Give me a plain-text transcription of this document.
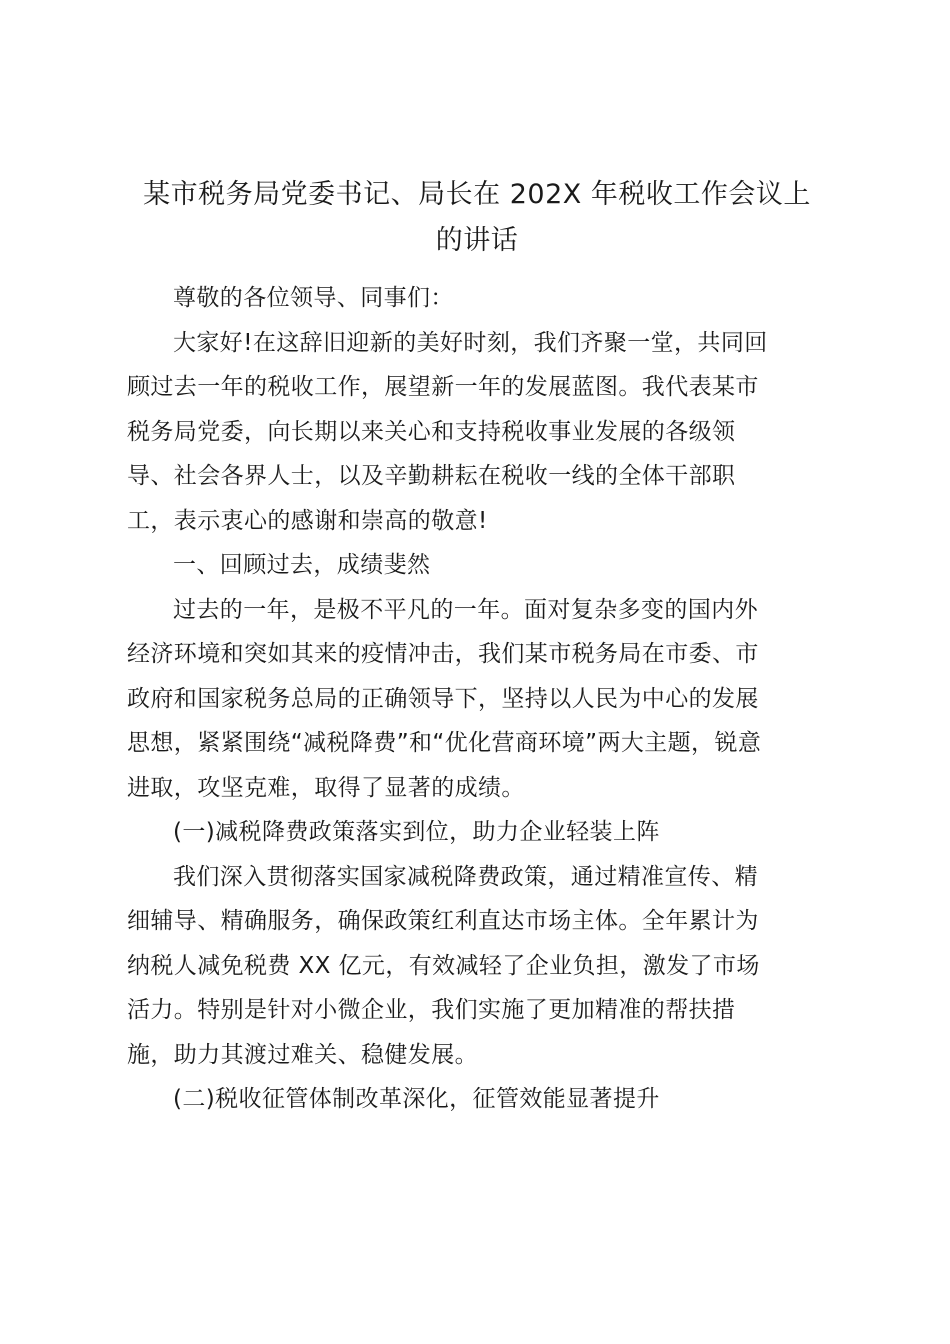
某市税务局党委书记、局长在 202X 年税收工作会议上
的讲话
尊敬的各位领导、同事们：
大家好!在这辞旧迎新的美好时刻，我们齐聚一堂，共同回
顾过去一年的税收工作，展望新一年的发展蓝图。我代表某市
税务局党委，向长期以来关心和支持税收事业发展的各级领
导、社会各界人士，以及辛勤耕耘在税收一线的全体干部职
工，表示衷心的感谢和崇高的敬意!
一、回顾过去，成绩斐然
过去的一年，是极不平凡的一年。面对复杂多变的国内外
经济环境和突如其来的疫情冲击，我们某市税务局在市委、市
政府和国家税务总局的正确领导下，坚持以人民为中心的发展
思想，紧紧围绕“减税降费”和“优化营商环境”两大主题，锐意
进取，攻坚克难，取得了显著的成绩。
(一)减税降费政策落实到位，助力企业轻装上阵
我们深入贯彻落实国家减税降费政策，通过精准宣传、精
细辅导、精确服务，确保政策红利直达市场主体。全年累计为
纳税人减免税费 XX 亿元，有效减轻了企业负担，激发了市场
活力。特别是针对小微企业，我们实施了更加精准的帮扶措
施，助力其渡过难关、稳健发展。
(二)税收征管体制改革深化，征管效能显著提升
